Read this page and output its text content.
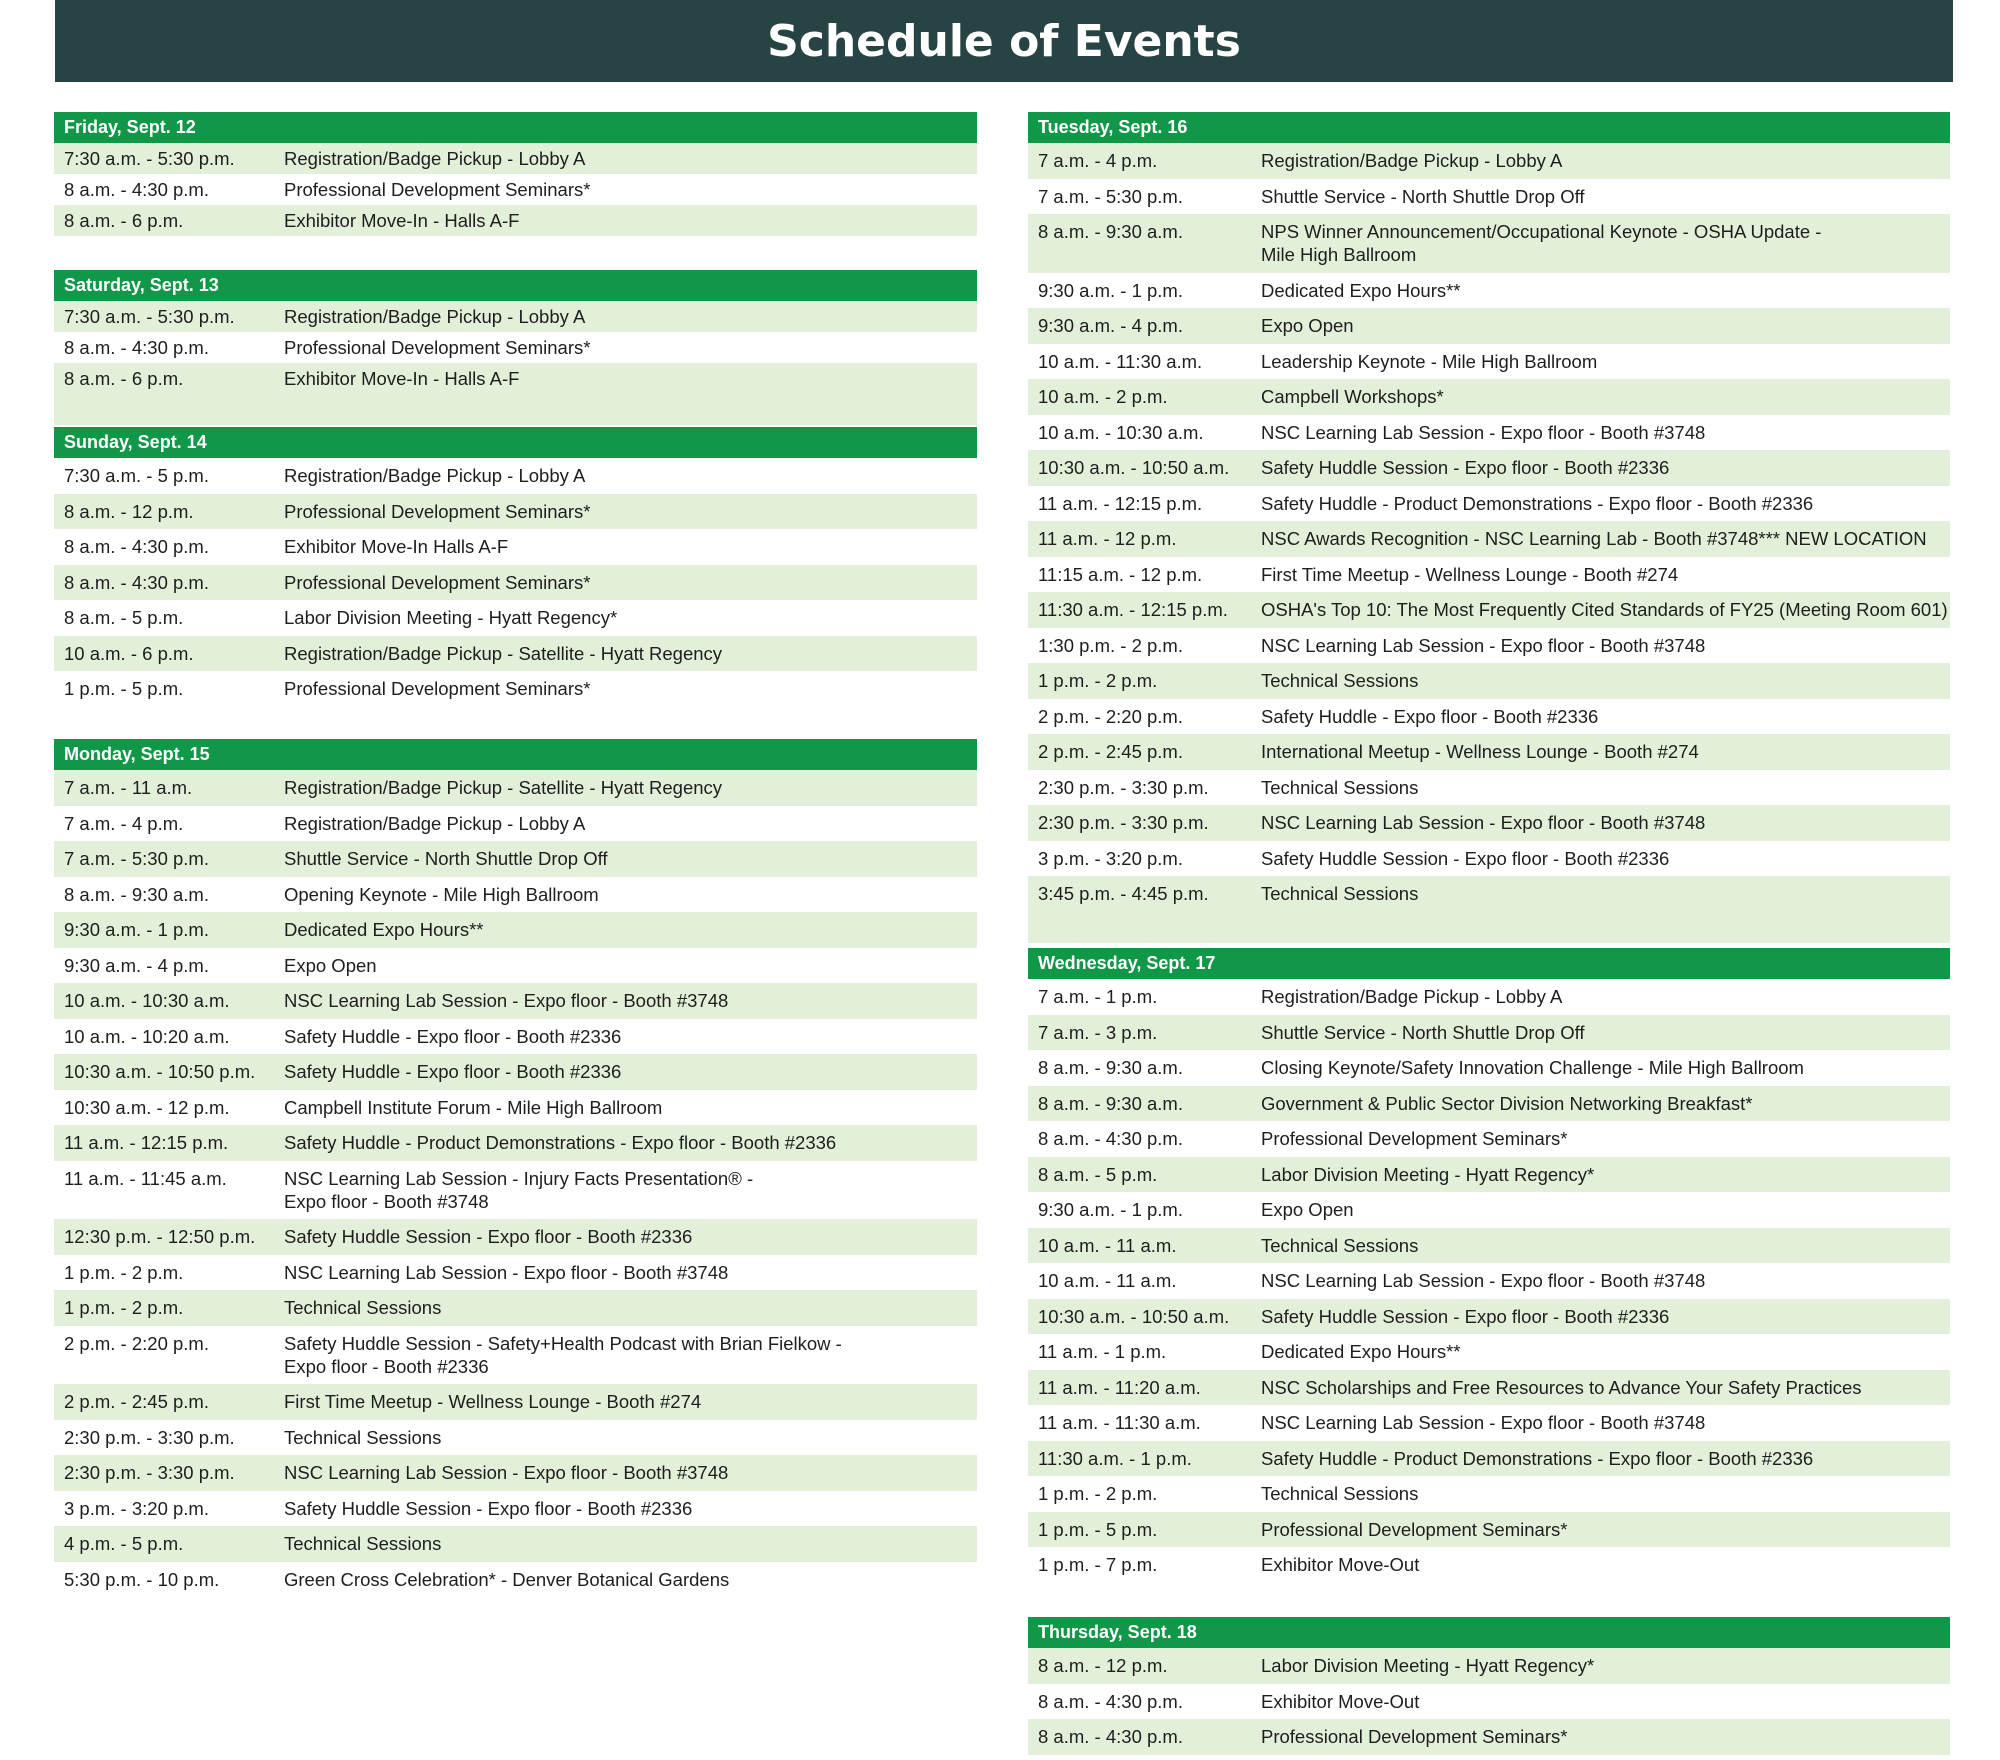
Schedule of Events
Friday, Sept. 12
7:30 a.m. - 5:30 p.m.	Registration/Badge Pickup - Lobby A
8 a.m. - 4:30 p.m.	Professional Development Seminars*
8 a.m. - 6 p.m.	Exhibitor Move-In - Halls A-F
Saturday, Sept. 13
7:30 a.m. - 5:30 p.m.	Registration/Badge Pickup - Lobby A
8 a.m. - 4:30 p.m.	Professional Development Seminars*
8 a.m. - 6 p.m.	Exhibitor Move-In - Halls A-F
Sunday, Sept. 14
7:30 a.m. - 5 p.m.	Registration/Badge Pickup - Lobby A
8 a.m. - 12 p.m.	Professional Development Seminars*
8 a.m. - 4:30 p.m.	Exhibitor Move-In Halls A-F
8 a.m. - 4:30 p.m.	Professional Development Seminars*
8 a.m. - 5 p.m.	Labor Division Meeting - Hyatt Regency*
10 a.m. - 6 p.m.	Registration/Badge Pickup - Satellite - Hyatt Regency
1 p.m. - 5 p.m.	Professional Development Seminars*
Monday, Sept. 15
7 a.m. - 11 a.m.	Registration/Badge Pickup - Satellite - Hyatt Regency
7 a.m. - 4 p.m.	Registration/Badge Pickup - Lobby A
7 a.m. - 5:30 p.m.	Shuttle Service - North Shuttle Drop Off
8 a.m. - 9:30 a.m.	Opening Keynote - Mile High Ballroom
9:30 a.m. - 1 p.m.	Dedicated Expo Hours**
9:30 a.m. - 4 p.m.	Expo Open
10 a.m. - 10:30 a.m.	NSC Learning Lab Session - Expo floor - Booth #3748
10 a.m. - 10:20 a.m.	Safety Huddle - Expo floor - Booth #2336
10:30 a.m. - 10:50 p.m.	Safety Huddle - Expo floor - Booth #2336
10:30 a.m. - 12 p.m.	Campbell Institute Forum - Mile High Ballroom
11 a.m. - 12:15 p.m.	Safety Huddle - Product Demonstrations - Expo floor - Booth #2336
11 a.m. - 11:45 a.m.	NSC Learning Lab Session - Injury Facts Presentation® -
Expo floor - Booth #3748
12:30 p.m. - 12:50 p.m.	Safety Huddle Session - Expo floor - Booth #2336
1 p.m. - 2 p.m.	NSC Learning Lab Session - Expo floor - Booth #3748
1 p.m. - 2 p.m.	Technical Sessions
2 p.m. - 2:20 p.m.	Safety Huddle Session - Safety+Health Podcast with Brian Fielkow -
Expo floor - Booth #2336
2 p.m. - 2:45 p.m.	First Time Meetup - Wellness Lounge - Booth #274
2:30 p.m. - 3:30 p.m.	Technical Sessions
2:30 p.m. - 3:30 p.m.	NSC Learning Lab Session - Expo floor - Booth #3748
3 p.m. - 3:20 p.m.	Safety Huddle Session - Expo floor - Booth #2336
4 p.m. - 5 p.m.	Technical Sessions
5:30 p.m. - 10 p.m.	Green Cross Celebration* - Denver Botanical Gardens
Tuesday, Sept. 16
7 a.m. - 4 p.m.	Registration/Badge Pickup - Lobby A
7 a.m. - 5:30 p.m.	Shuttle Service - North Shuttle Drop Off
8 a.m. - 9:30 a.m.	NPS Winner Announcement/Occupational Keynote - OSHA Update -
Mile High Ballroom
9:30 a.m. - 1 p.m.	Dedicated Expo Hours**
9:30 a.m. - 4 p.m.	Expo Open
10 a.m. - 11:30 a.m.	Leadership Keynote - Mile High Ballroom
10 a.m. - 2 p.m.	Campbell Workshops*
10 a.m. - 10:30 a.m.	NSC Learning Lab Session - Expo floor - Booth #3748
10:30 a.m. - 10:50 a.m.	Safety Huddle Session - Expo floor - Booth #2336
11 a.m. - 12:15 p.m.	Safety Huddle - Product Demonstrations - Expo floor - Booth #2336
11 a.m. - 12 p.m.	NSC Awards Recognition - NSC Learning Lab - Booth #3748*** NEW LOCATION
11:15 a.m. - 12 p.m.	First Time Meetup - Wellness Lounge - Booth #274
11:30 a.m. - 12:15 p.m.	OSHA's Top 10: The Most Frequently Cited Standards of FY25 (Meeting Room 601)
1:30 p.m. - 2 p.m.	NSC Learning Lab Session - Expo floor - Booth #3748
1 p.m. - 2 p.m.	Technical Sessions
2 p.m. - 2:20 p.m.	Safety Huddle - Expo floor - Booth #2336
2 p.m. - 2:45 p.m.	International Meetup - Wellness Lounge - Booth #274
2:30 p.m. - 3:30 p.m.	Technical Sessions
2:30 p.m. - 3:30 p.m.	NSC Learning Lab Session - Expo floor - Booth #3748
3 p.m. - 3:20 p.m.	Safety Huddle Session - Expo floor - Booth #2336
3:45 p.m. - 4:45 p.m.	Technical Sessions
Wednesday, Sept. 17
7 a.m. - 1 p.m.	Registration/Badge Pickup - Lobby A
7 a.m. - 3 p.m.	Shuttle Service - North Shuttle Drop Off
8 a.m. - 9:30 a.m.	Closing Keynote/Safety Innovation Challenge - Mile High Ballroom
8 a.m. - 9:30 a.m.	Government & Public Sector Division Networking Breakfast*
8 a.m. - 4:30 p.m.	Professional Development Seminars*
8 a.m. - 5 p.m.	Labor Division Meeting - Hyatt Regency*
9:30 a.m. - 1 p.m.	Expo Open
10 a.m. - 11 a.m.	Technical Sessions
10 a.m. - 11 a.m.	NSC Learning Lab Session - Expo floor - Booth #3748
10:30 a.m. - 10:50 a.m.	Safety Huddle Session - Expo floor - Booth #2336
11 a.m. - 1 p.m.	Dedicated Expo Hours**
11 a.m. - 11:20 a.m.	NSC Scholarships and Free Resources to Advance Your Safety Practices
11 a.m. - 11:30 a.m.	NSC Learning Lab Session - Expo floor - Booth #3748
11:30 a.m. - 1 p.m.	Safety Huddle - Product Demonstrations - Expo floor - Booth #2336
1 p.m. - 2 p.m.	Technical Sessions
1 p.m. - 5 p.m.	Professional Development Seminars*
1 p.m. - 7 p.m.	Exhibitor Move-Out
Thursday, Sept. 18
8 a.m. - 12 p.m.	Labor Division Meeting - Hyatt Regency*
8 a.m. - 4:30 p.m.	Exhibitor Move-Out
8 a.m. - 4:30 p.m.	Professional Development Seminars*
